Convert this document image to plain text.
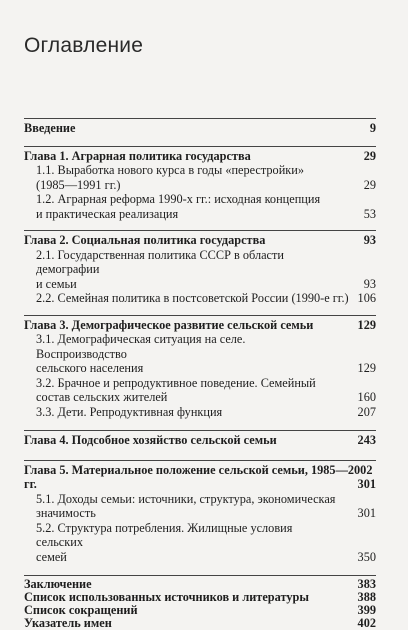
Оглавление
Введение	9
Глава 1. Аграрная политика государства	29
1.1. Выработка нового курса в годы «перестройки»
(1985—1991 гг.)	29
1.2. Аграрная реформа 1990-х гг.: исходная концепция
и практическая реализация	53
Глава 2. Социальная политика государства	93
2.1. Государственная политика СССР в области демографии
и семьи	93
2.2. Семейная политика в постсоветской России (1990-е гг.) 106
Глава 3. Демографическое развитие сельской семьи	129
3.1. Демографическая ситуация на селе. Воспроизводство
сельского населения	129
3.2. Брачное и репродуктивное поведение. Семейный
состав сельских жителей	160
3.3. Дети. Репродуктивная функция	207
Глава 4. Подсобное хозяйство сельской семьи	243
Глава 5. Материальное положение сельской семьи, 1985—2002 гг.	301
5.1. Доходы семьи: источники, структура, экономическая
значимость	301
5.2. Структура потребления. Жилищные условия сельских
семей	350
Заключение	383
Список использованных источников и литературы	388
Список сокращений	399
Указатель имен	402
